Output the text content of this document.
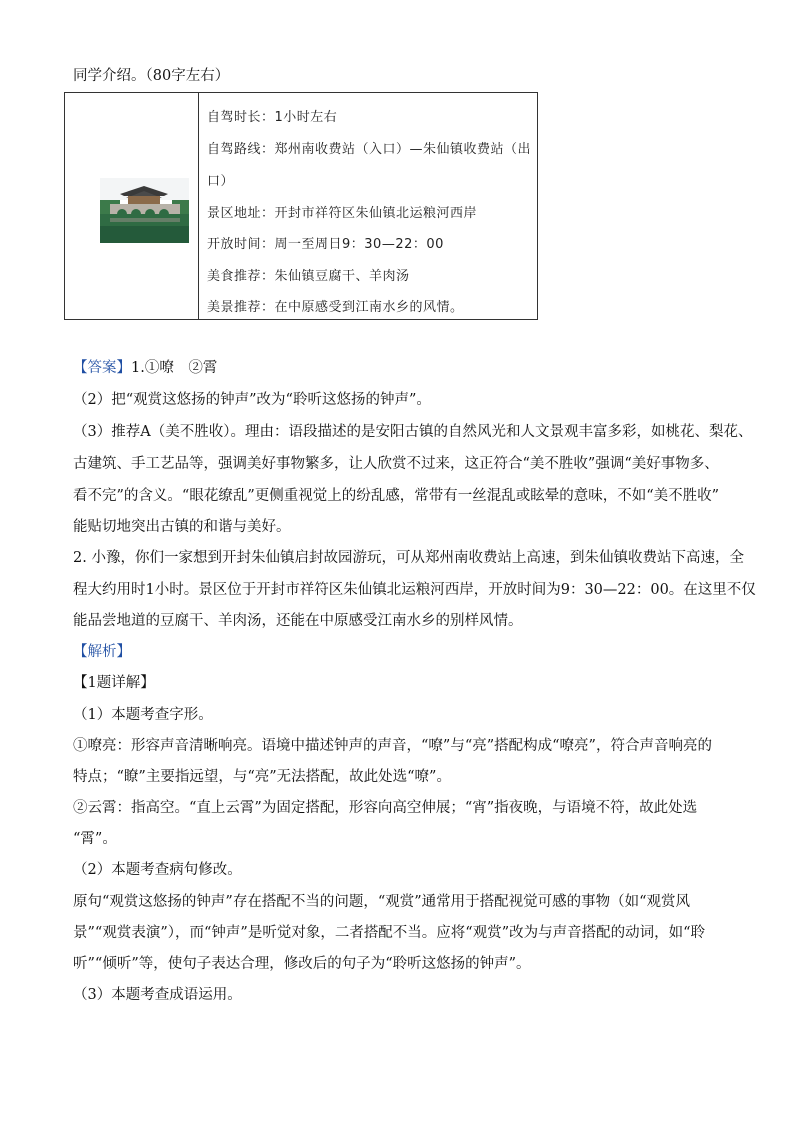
同学介绍。（80字左右）
自驾时长：1小时左右
自驾路线：郑州南收费站（入口）—朱仙镇收费站（出
口）
景区地址：开封市祥符区朱仙镇北运粮河西岸
开放时间：周一至周日9：30—22：00
美食推荐：朱仙镇豆腐干、羊肉汤
美景推荐：在中原感受到江南水乡的风情。
【答案】1.①嘹　②霄
（2）把“观赏这悠扬的钟声”改为“聆听这悠扬的钟声”。
（3）推荐A（美不胜收）。理由：语段描述的是安阳古镇的自然风光和人文景观丰富多彩，如桃花、梨花、
古建筑、手工艺品等，强调美好事物繁多，让人欣赏不过来，这正符合“美不胜收”强调“美好事物多、
看不完”的含义。“眼花缭乱”更侧重视觉上的纷乱感，常带有一丝混乱或眩晕的意味，不如“美不胜收”
能贴切地突出古镇的和谐与美好。
2. 小豫，你们一家想到开封朱仙镇启封故园游玩，可从郑州南收费站上高速，到朱仙镇收费站下高速，全
程大约用时1小时。景区位于开封市祥符区朱仙镇北运粮河西岸，开放时间为9：30—22：00。在这里不仅
能品尝地道的豆腐干、羊肉汤，还能在中原感受江南水乡的别样风情。
【解析】
【1题详解】
（1）本题考查字形。
①嘹亮：形容声音清晰响亮。语境中描述钟声的声音，“嘹”与“亮”搭配构成“嘹亮”，符合声音响亮的
特点；“瞭”主要指远望，与“亮”无法搭配，故此处选“嘹”。
②云霄：指高空。“直上云霄”为固定搭配，形容向高空伸展；“宵”指夜晚，与语境不符，故此处选
“霄”。
（2）本题考查病句修改。
原句“观赏这悠扬的钟声”存在搭配不当的问题，“观赏”通常用于搭配视觉可感的事物（如“观赏风
景”“观赏表演”），而“钟声”是听觉对象，二者搭配不当。应将“观赏”改为与声音搭配的动词，如“聆
听”“倾听”等，使句子表达合理，修改后的句子为“聆听这悠扬的钟声”。
（3）本题考查成语运用。
